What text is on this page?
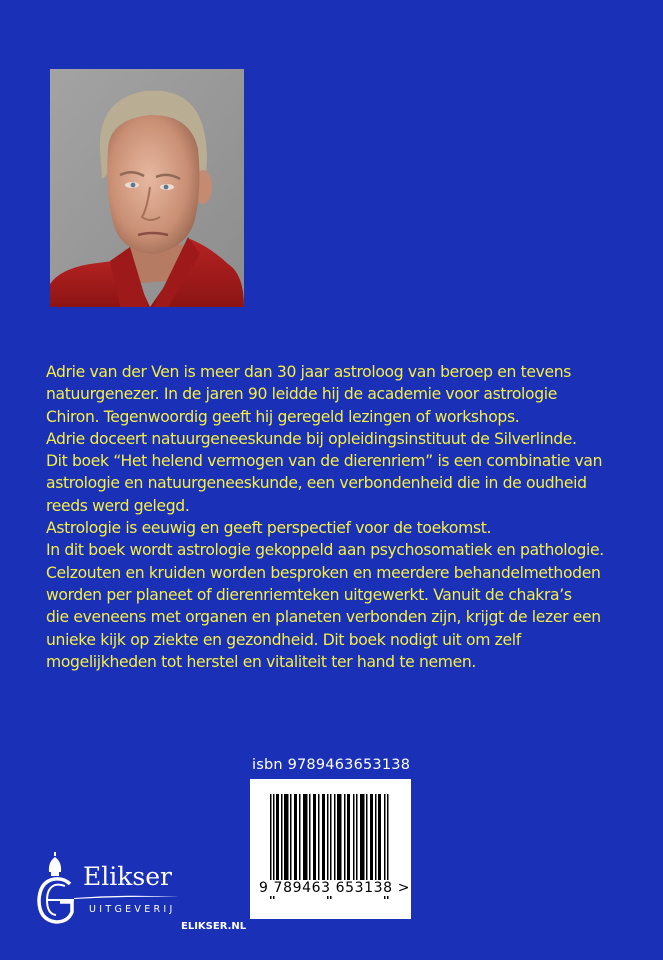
Adrie van der Ven is meer dan 30 jaar astroloog van beroep en tevens
natuurgenezer. In de jaren 90 leidde hij de academie voor astrologie
Chiron. Tegenwoordig geeft hij geregeld lezingen of workshops.
Adrie doceert natuurgeneeskunde bij opleidingsinstituut de Silverlinde.
Dit boek “Het helend vermogen van de dierenriem” is een combinatie van
astrologie en natuurgeneeskunde, een verbondenheid die in de oudheid
reeds werd gelegd.
Astrologie is eeuwig en geeft perspectief voor de toekomst.
In dit boek wordt astrologie gekoppeld aan psychosomatiek en pathologie.
Celzouten en kruiden worden besproken en meerdere behandelmethoden
worden per planeet of dierenriemteken uitgewerkt. Vanuit de chakra’s
die eveneens met organen en planeten verbonden zijn, krijgt de lezer een
unieke kijk op ziekte en gezondheid. Dit boek nodigt uit om zelf
mogelijkheden tot herstel en vitaliteit ter hand te nemen.

isbn 9789463653138
9 789463 653138 >
Elikser
UITGEVERIJ
ELIKSER.NL
